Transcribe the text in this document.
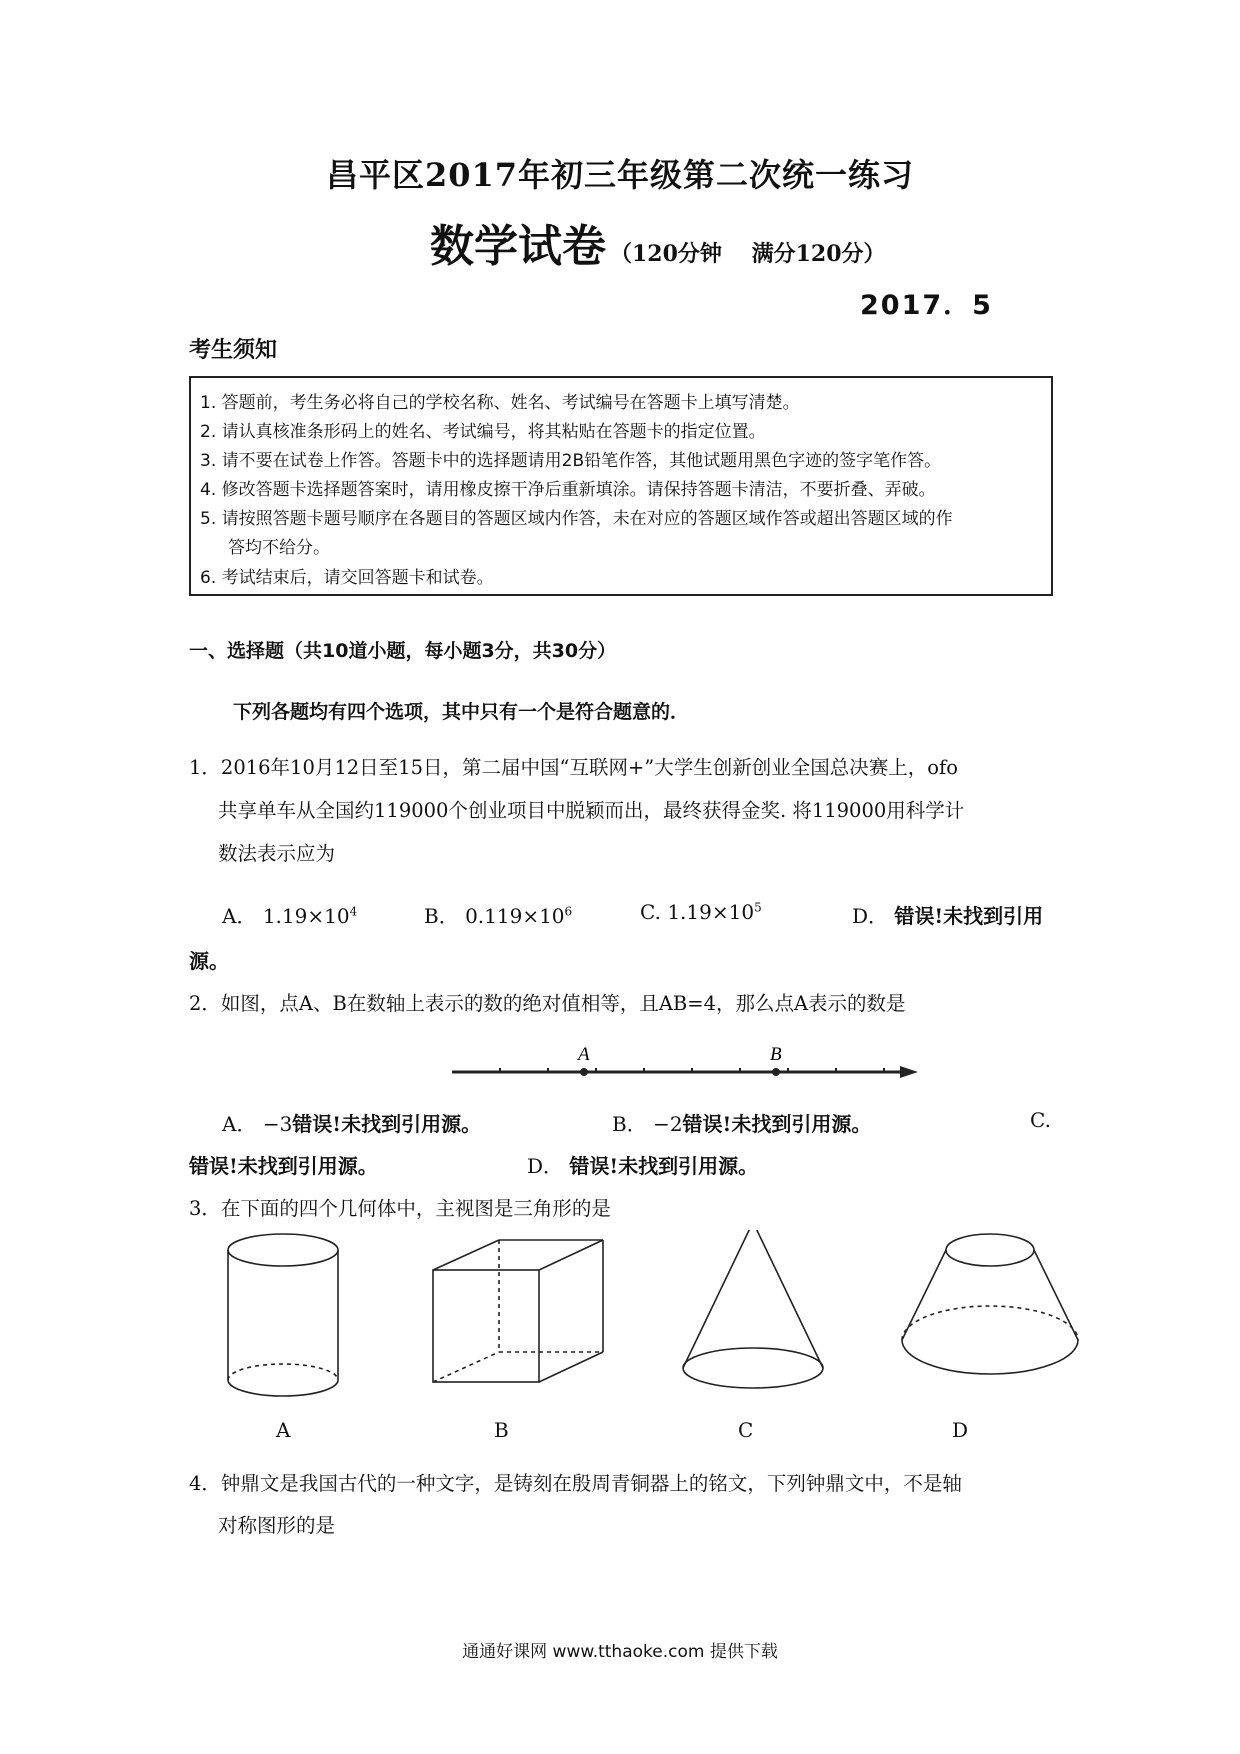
昌平区2017年初三年级第二次统一练习
数学试卷 （120分钟　 满分120分）
2017．5
考生须知
1. 答题前，考生务必将自己的学校名称、姓名、考试编号在答题卡上填写清楚。
2. 请认真核准条形码上的姓名、考试编号，将其粘贴在答题卡的指定位置。
3. 请不要在试卷上作答。答题卡中的选择题请用2B铅笔作答，其他试题用黑色字迹的签字笔作答。
4. 修改答题卡选择题答案时，请用橡皮擦干净后重新填涂。请保持答题卡清洁，不要折叠、弄破。
5. 请按照答题卡题号顺序在各题目的答题区域内作答，未在对应的答题区域作答或超出答题区域的作
答均不给分。
6. 考试结束后，请交回答题卡和试卷。
一、选择题（共10道小题，每小题3分，共30分）
下列各题均有四个选项，其中只有一个是符合题意的．
1．2016年10月12日至15日，第二届中国“互联网+”大学生创新创业全国总决赛上，ofo
共享单车从全国约119000个创业项目中脱颖而出，最终获得金奖. 将119000用科学计
数法表示应为
A． $1.19\times 10^4$	B． $0.119\times 10^6$	C. $1.19\times 10^5$	D． 错误!未找到引用
源。
2．如图，点A、B在数轴上表示的数的绝对值相等，且AB=4，那么点A表示的数是
A	B
A． −3错误!未找到引用源。	B． −2错误!未找到引用源。	C.
错误!未找到引用源。	D． 错误!未找到引用源。
3．在下面的四个几何体中，主视图是三角形的是
A	B	C	D
4．钟鼎文是我国古代的一种文字，是铸刻在殷周青铜器上的铭文，下列钟鼎文中，不是轴
对称图形的是
通通好课网 www.tthaoke.com 提供下载
